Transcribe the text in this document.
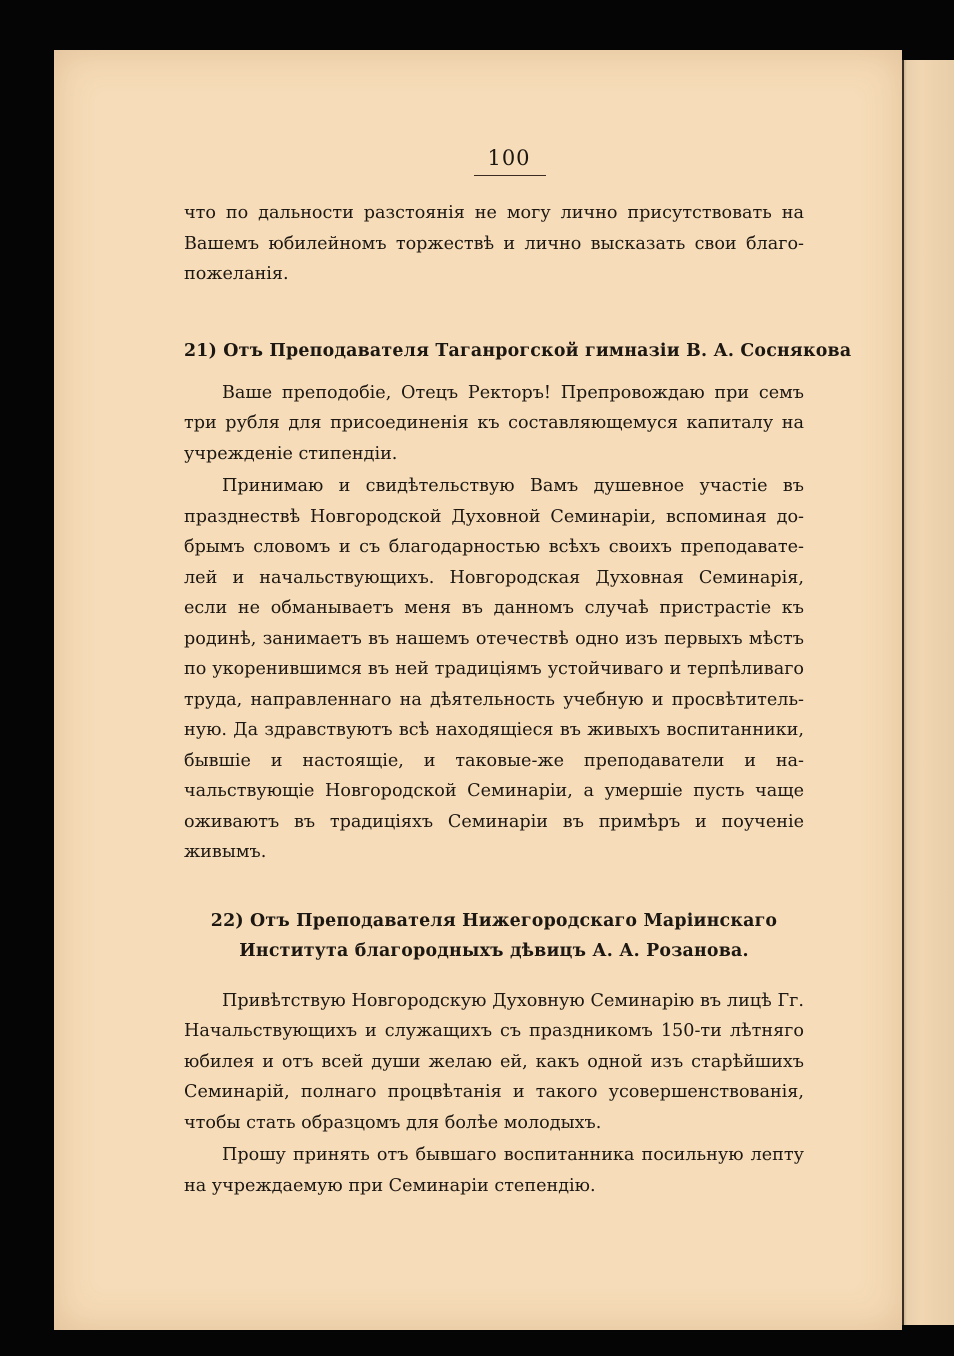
100

что по дальности разстоянія не могу лично присутствовать на Вашемъ юбилейномъ торжествѣ и лично высказать свои благопожеланія.

21) Отъ Преподавателя Таганрогской гимназіи В. А. Соснякова

Ваше преподобіе, Отецъ Ректоръ! Препровождаю при семъ три рубля для присоединенія къ составляющемуся капиталу на учрежденіе стипендіи.

Принимаю и свидѣтельствую Вамъ душевное участіе въ празднествѣ Новгородской Духовной Семинаріи, вспоминая добрымъ словомъ и съ благодарностью всѣхъ своихъ преподавателей и начальствующихъ. Новгородская Духовная Семинарія, если не обманываетъ меня въ данномъ случаѣ пристрастіе къ родинѣ, занимаетъ въ нашемъ отечествѣ одно изъ первыхъ мѣстъ по укоренившимся въ ней традиціямъ устойчиваго и терпѣливаго труда, направленнаго на дѣятельность учебную и просвѣтительную. Да здравствуютъ всѣ находящіеся въ живыхъ воспитанники, бывшіе и настоящіе, и таковые-же преподаватели и начальствующіе Новгородской Семинаріи, а умершіе пусть чаще оживаютъ въ традиціяхъ Семинаріи въ примѣръ и поученіе живымъ.

22) Отъ Преподавателя Нижегородскаго Маріинскаго Института благородныхъ дѣвицъ А. А. Розанова.

Привѣтствую Новгородскую Духовную Семинарію въ лицѣ Гг. Начальствующихъ и служащихъ съ праздникомъ 150-ти лѣтняго юбилея и отъ всей души желаю ей, какъ одной изъ старѣйшихъ Семинарій, полнаго процвѣтанія и такого усовершенствованія, чтобы стать образцомъ для болѣе молодыхъ.

Прошу принять отъ бывшаго воспитанника посильную лепту на учреждаемую при Семинаріи степендію.
